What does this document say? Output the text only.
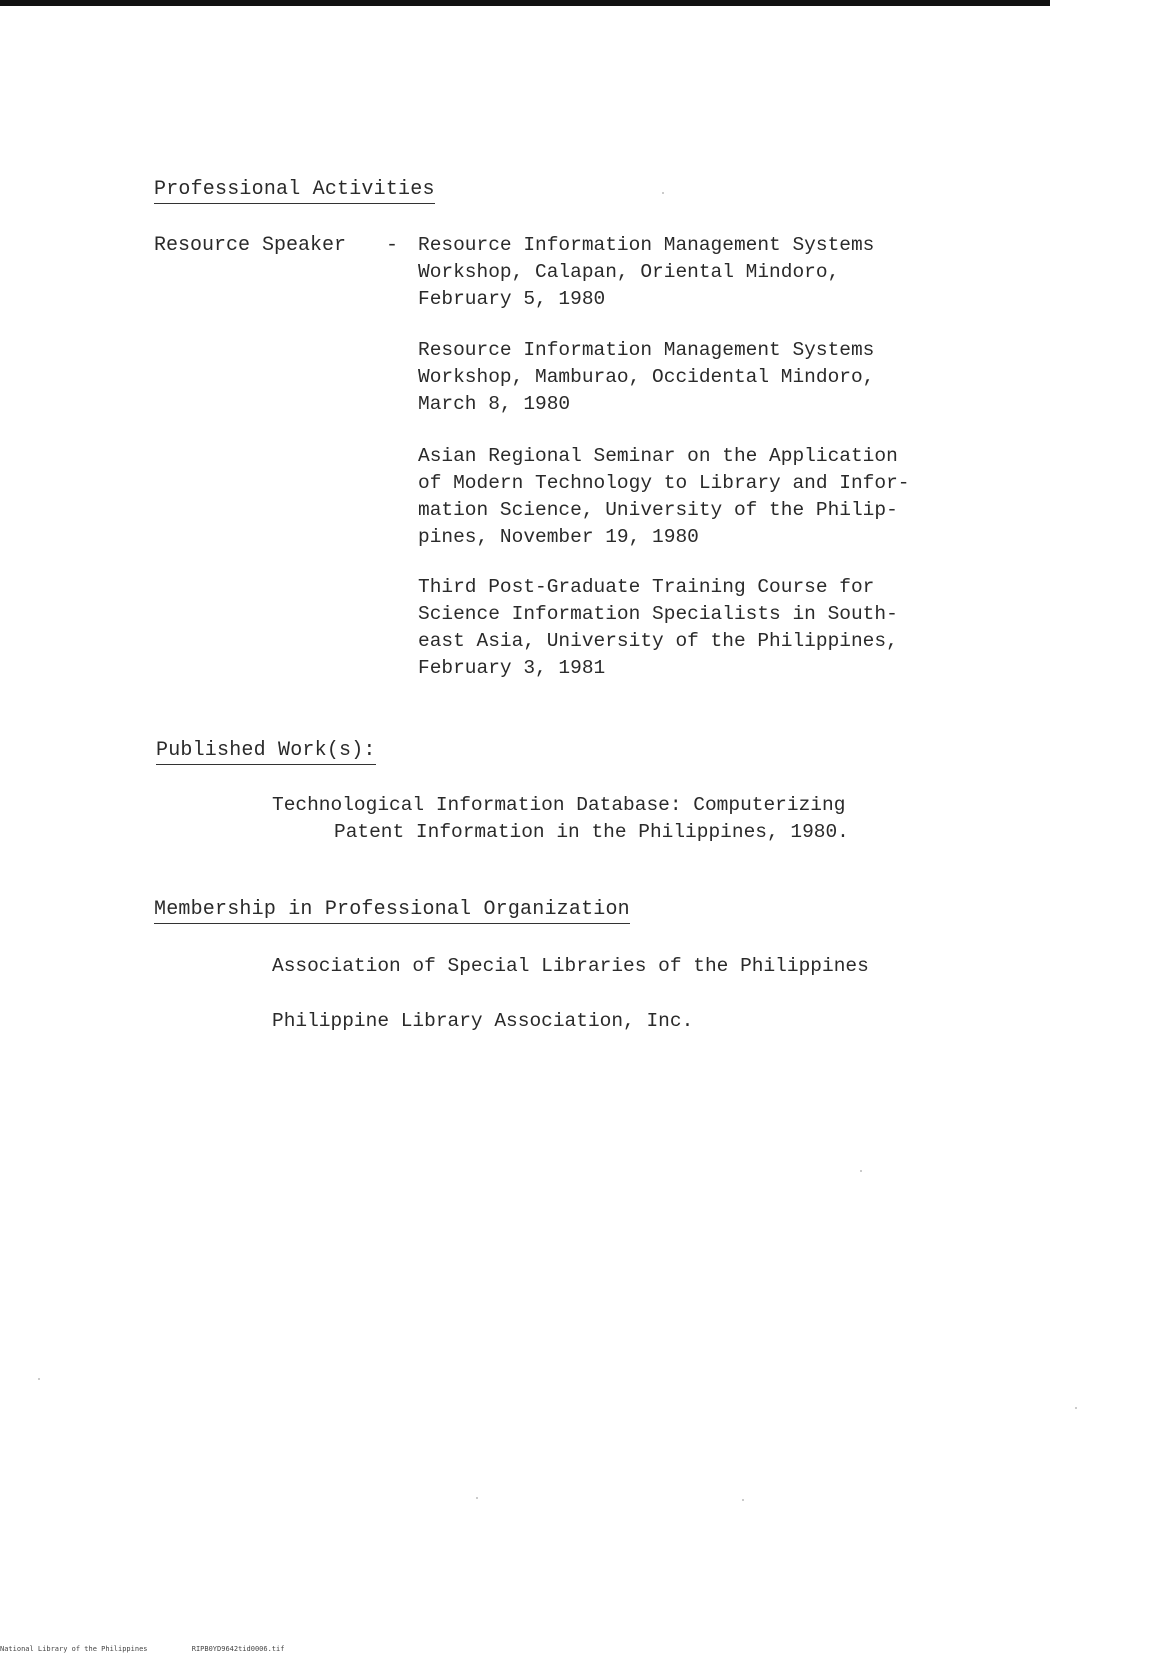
Professional Activities
Resource Speaker - Resource Information Management Systems
Workshop, Calapan, Oriental Mindoro,
February 5, 1980
Resource Information Management Systems
Workshop, Mamburao, Occidental Mindoro,
March 8, 1980
Asian Regional Seminar on the Application
of Modern Technology to Library and Infor-
mation Science, University of the Philip-
pines, November 19, 1980
Third Post-Graduate Training Course for
Science Information Specialists in South-
east Asia, University of the Philippines,
February 3, 1981
Published Work(s):
Technological Information Database: Computerizing
Patent Information in the Philippines, 1980.
Membership in Professional Organization
Association of Special Libraries of the Philippines
Philippine Library Association, Inc.
National Library of the Philippines	RIPB0YD9642tid0006.tif
